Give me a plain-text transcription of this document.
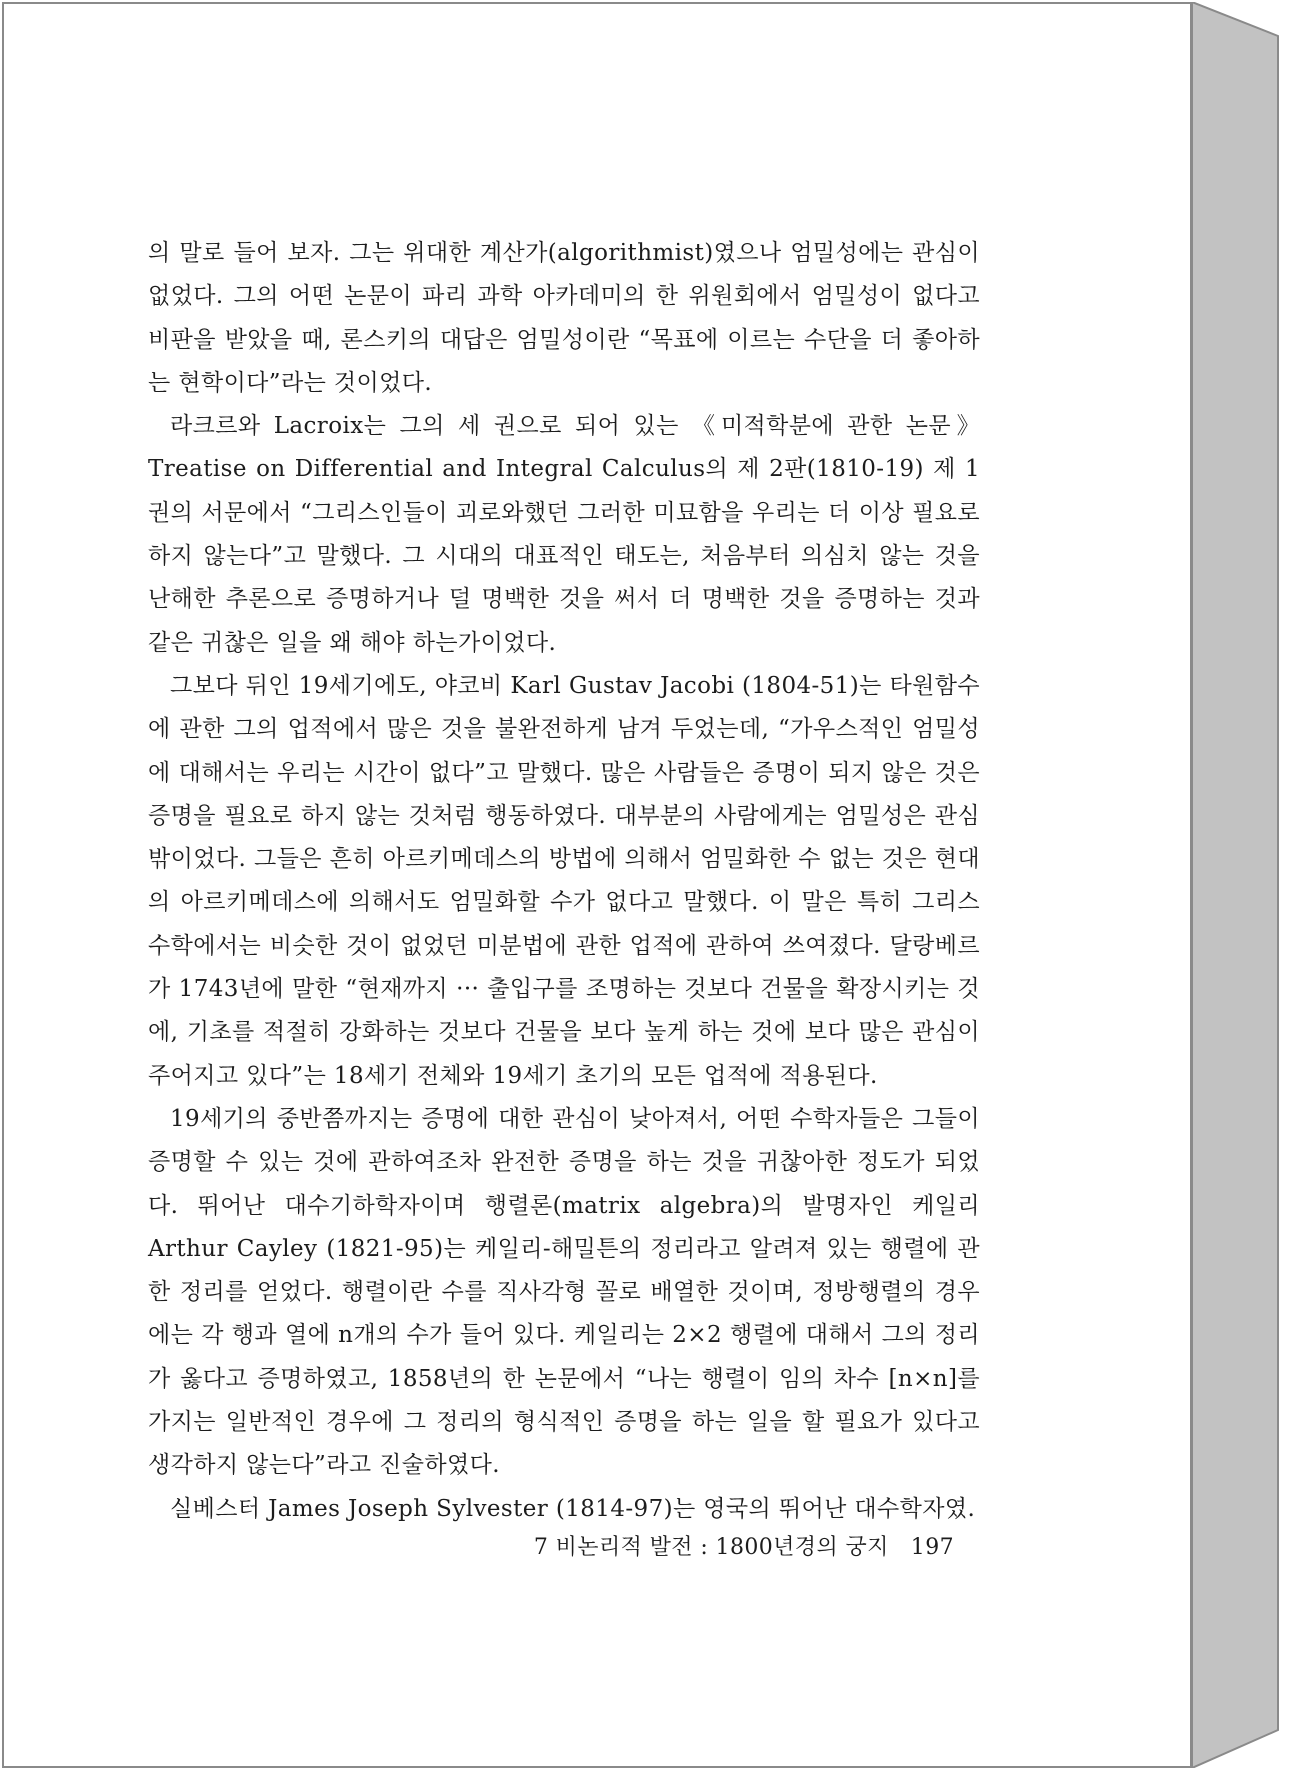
의 말로 들어 보자. 그는 위대한 계산가(algorithmist)였으나 엄밀성에는 관심이 없었다. 그의 어떤 논문이 파리 과학 아카데미의 한 위원회에서 엄밀성이 없다고 비판을 받았을 때, 론스키의 대답은 엄밀성이란 “목표에 이르는 수단을 더 좋아하는 현학이다”라는 것이었다.

라크르와 Lacroix는 그의 세 권으로 되어 있는 《미적학분에 관한 논문》 Treatise on Differential and Integral Calculus의 제 2판(1810-19) 제 1권의 서문에서 “그리스인들이 괴로와했던 그러한 미묘함을 우리는 더 이상 필요로 하지 않는다”고 말했다. 그 시대의 대표적인 태도는, 처음부터 의심치 않는 것을 난해한 추론으로 증명하거나 덜 명백한 것을 써서 더 명백한 것을 증명하는 것과 같은 귀찮은 일을 왜 해야 하는가이었다.

그보다 뒤인 19세기에도, 야코비 Karl Gustav Jacobi (1804-51)는 타원함수에 관한 그의 업적에서 많은 것을 불완전하게 남겨 두었는데, “가우스적인 엄밀성에 대해서는 우리는 시간이 없다”고 말했다. 많은 사람들은 증명이 되지 않은 것은 증명을 필요로 하지 않는 것처럼 행동하였다. 대부분의 사람에게는 엄밀성은 관심 밖이었다. 그들은 흔히 아르키메데스의 방법에 의해서 엄밀화한 수 없는 것은 현대의 아르키메데스에 의해서도 엄밀화할 수가 없다고 말했다. 이 말은 특히 그리스 수학에서는 비슷한 것이 없었던 미분법에 관한 업적에 관하여 쓰여졌다. 달랑베르가 1743년에 말한 “현재까지 ··· 출입구를 조명하는 것보다 건물을 확장시키는 것에, 기초를 적절히 강화하는 것보다 건물을 보다 높게 하는 것에 보다 많은 관심이 주어지고 있다”는 18세기 전체와 19세기 초기의 모든 업적에 적용된다.

19세기의 중반쯤까지는 증명에 대한 관심이 낮아져서, 어떤 수학자들은 그들이 증명할 수 있는 것에 관하여조차 완전한 증명을 하는 것을 귀찮아한 정도가 되었다. 뛰어난 대수기하학자이며 행렬론(matrix algebra)의 발명자인 케일리 Arthur Cayley (1821-95)는 케일리-해밀튼의 정리라고 알려져 있는 행렬에 관한 정리를 얻었다. 행렬이란 수를 직사각형 꼴로 배열한 것이며, 정방행렬의 경우에는 각 행과 열에 n개의 수가 들어 있다. 케일리는 2×2 행렬에 대해서 그의 정리가 옳다고 증명하였고, 1858년의 한 논문에서 “나는 행렬이 임의 차수 [n×n]를 가지는 일반적인 경우에 그 정리의 형식적인 증명을 하는 일을 할 필요가 있다고 생각하지 않는다”라고 진술하였다.

실베스터 James Joseph Sylvester (1814-97)는 영국의 뛰어난 대수학자였.

7 비논리적 발전 : 1800년경의 궁지 197
